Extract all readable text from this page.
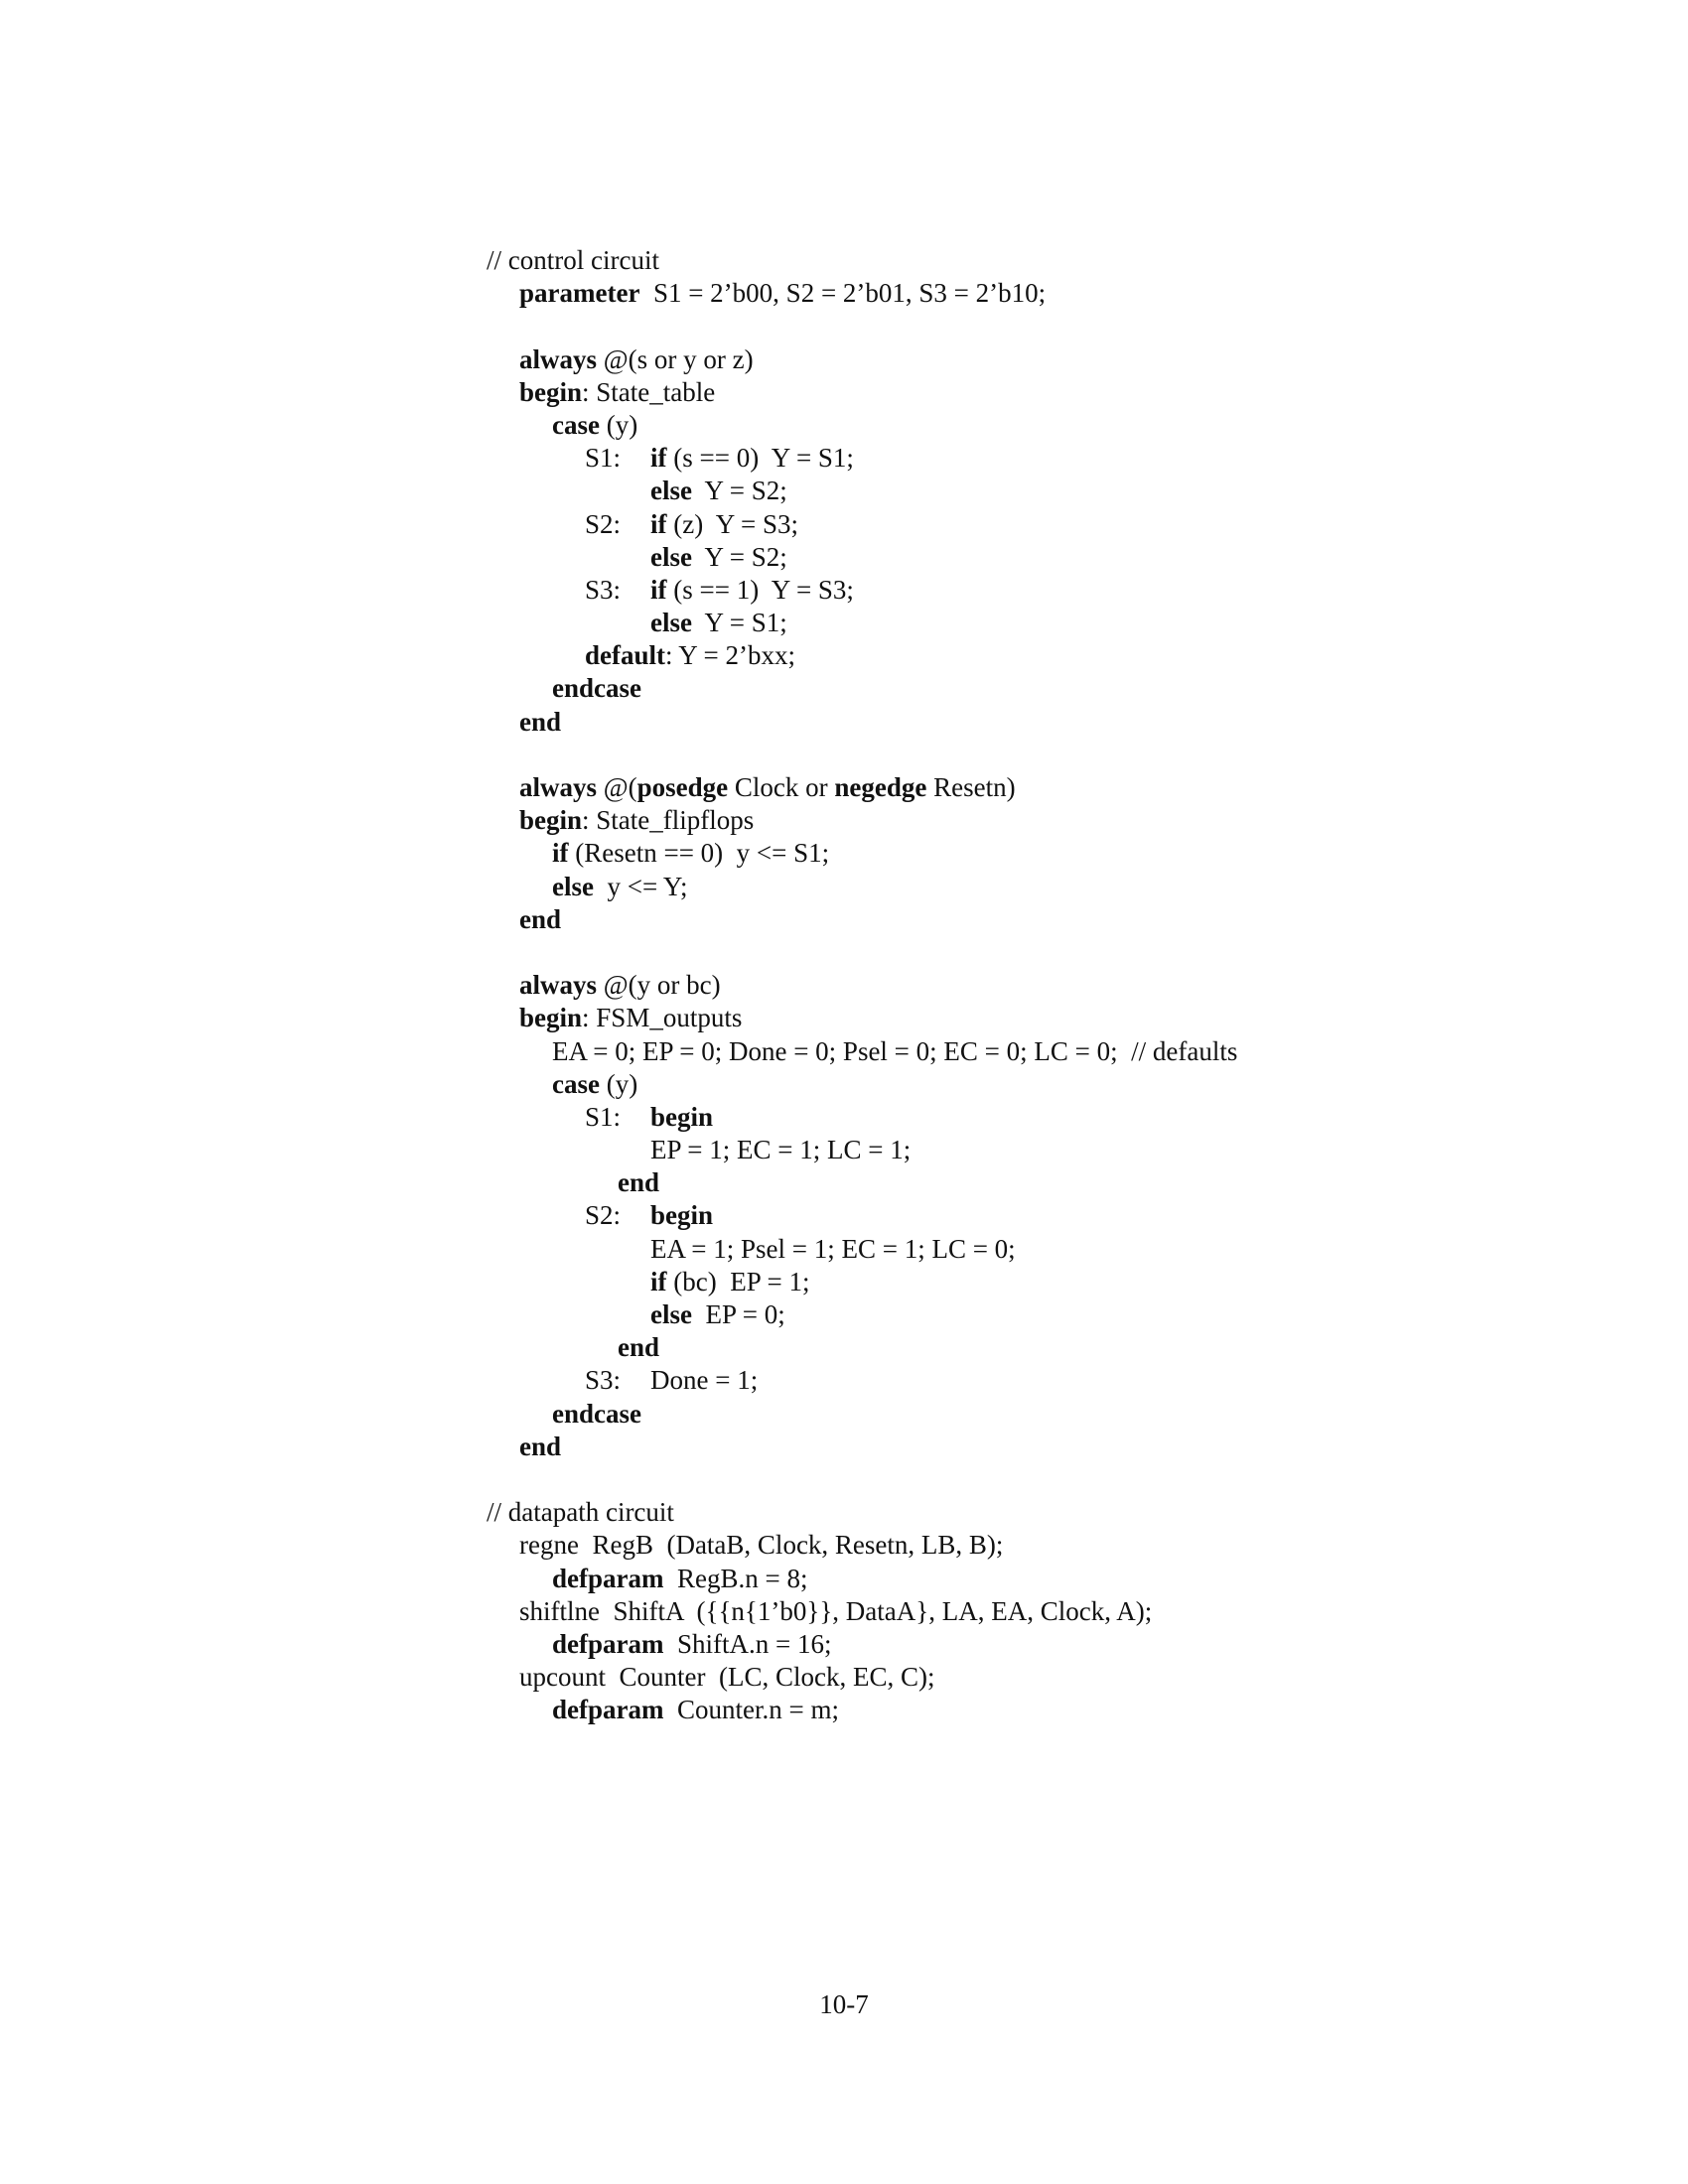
// control circuit
parameter  S1 = 2’b00, S2 = 2’b01, S3 = 2’b10;
always @(s or y or z)
begin: State_table
case (y)
S1: if (s == 0)  Y = S1;
else  Y = S2;
S2: if (z)  Y = S3;
else  Y = S2;
S3: if (s == 1)  Y = S3;
else  Y = S1;
default: Y = 2’bxx;
endcase
end
always @(posedge Clock or negedge Resetn)
begin: State_flipflops
if (Resetn == 0)  y <= S1;
else  y <= Y;
end
always @(y or bc)
begin: FSM_outputs
EA = 0; EP = 0; Done = 0; Psel = 0; EC = 0; LC = 0;  // defaults
case (y)
S1: begin
EP = 1; EC = 1; LC = 1;
end
S2: begin
EA = 1; Psel = 1; EC = 1; LC = 0;
if (bc)  EP = 1;
else  EP = 0;
end
S3: Done = 1;
endcase
end
// datapath circuit
regne  RegB  (DataB, Clock, Resetn, LB, B);
defparam  RegB.n = 8;
shiftlne  ShiftA  ({{n{1’b0}}, DataA}, LA, EA, Clock, A);
defparam  ShiftA.n = 16;
upcount  Counter  (LC, Clock, EC, C);
defparam  Counter.n = m;
10-7
